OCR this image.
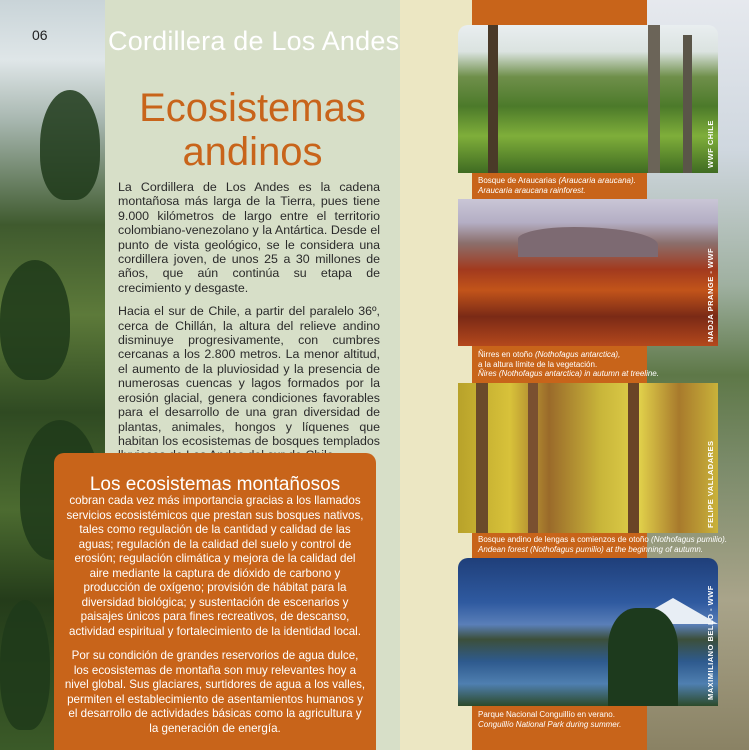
06 Cordillera de Los Andes
Ecosistemas
andinos

La Cordillera de Los Andes es la cadena montañosa más larga de la Tierra, pues tiene 9.000 kilómetros de largo entre el territorio colombiano-venezolano y la Antártica. Desde el punto de vista geológico, se le considera una cordillera joven, de unos 25 a 30 millones de años, que aún continúa su etapa de crecimiento y desgaste.

Hacia el sur de Chile, a partir del paralelo 36º, cerca de Chillán, la altura del relieve andino disminuye progresivamente, con cumbres cercanas a los 2.800 metros. La menor altitud, el aumento de la pluviosidad y la presencia de numerosas cuencas y lagos formados por la erosión glacial, genera condiciones favorables para el desarrollo de una gran diversidad de plantas, animales, hongos y líquenes que habitan los ecosistemas de bosques templados

Los ecosistemas montañosos

cobran cada vez más importancia gracias a los llamados servicios ecosistémicos que prestan sus bosques nativos, tales como regulación de la cantidad y calidad de las aguas; regulación de la calidad del suelo y control de erosión; regulación climática y mejora de la calidad del aire mediante la captura de dióxido de carbono y producción de oxígeno; provisión de hábitat para la diversidad biológica; y sustentación de escenarios y paisajes únicos para fines recreativos, de descanso, actividad espiritual y fortalecimiento de la identidad local.

Por su condición de grandes reservorios de agua dulce, los ecosistemas de montaña son muy relevantes hoy a nivel global. Sus glaciares, surtidores de agua a los valles, permiten el establecimiento de asentamientos humanos y el desarrollo de actividades básicas como la agricultura y la generación de energía.

WWF CHILE
Bosque de Araucarias (Araucaria araucana).
Araucaria araucana rainforest.
NADJA PRANGE - WWF
Ñirres en otoño (Nothofagus antarctica),
a la altura límite de la vegetación.
Ñires (Nothofagus antarctica) in autumn at treeline.
FELIPE VALLADARES
Bosque andino de lengas a comienzos de otoño (Nothofagus pumilio).
Andean forest (Nothofagus pumilio) at the beginning of autumn.
MAXIMILIANO BELLO - WWF
Parque Nacional Conguillío en verano.
Conguillío National Park during summer.
